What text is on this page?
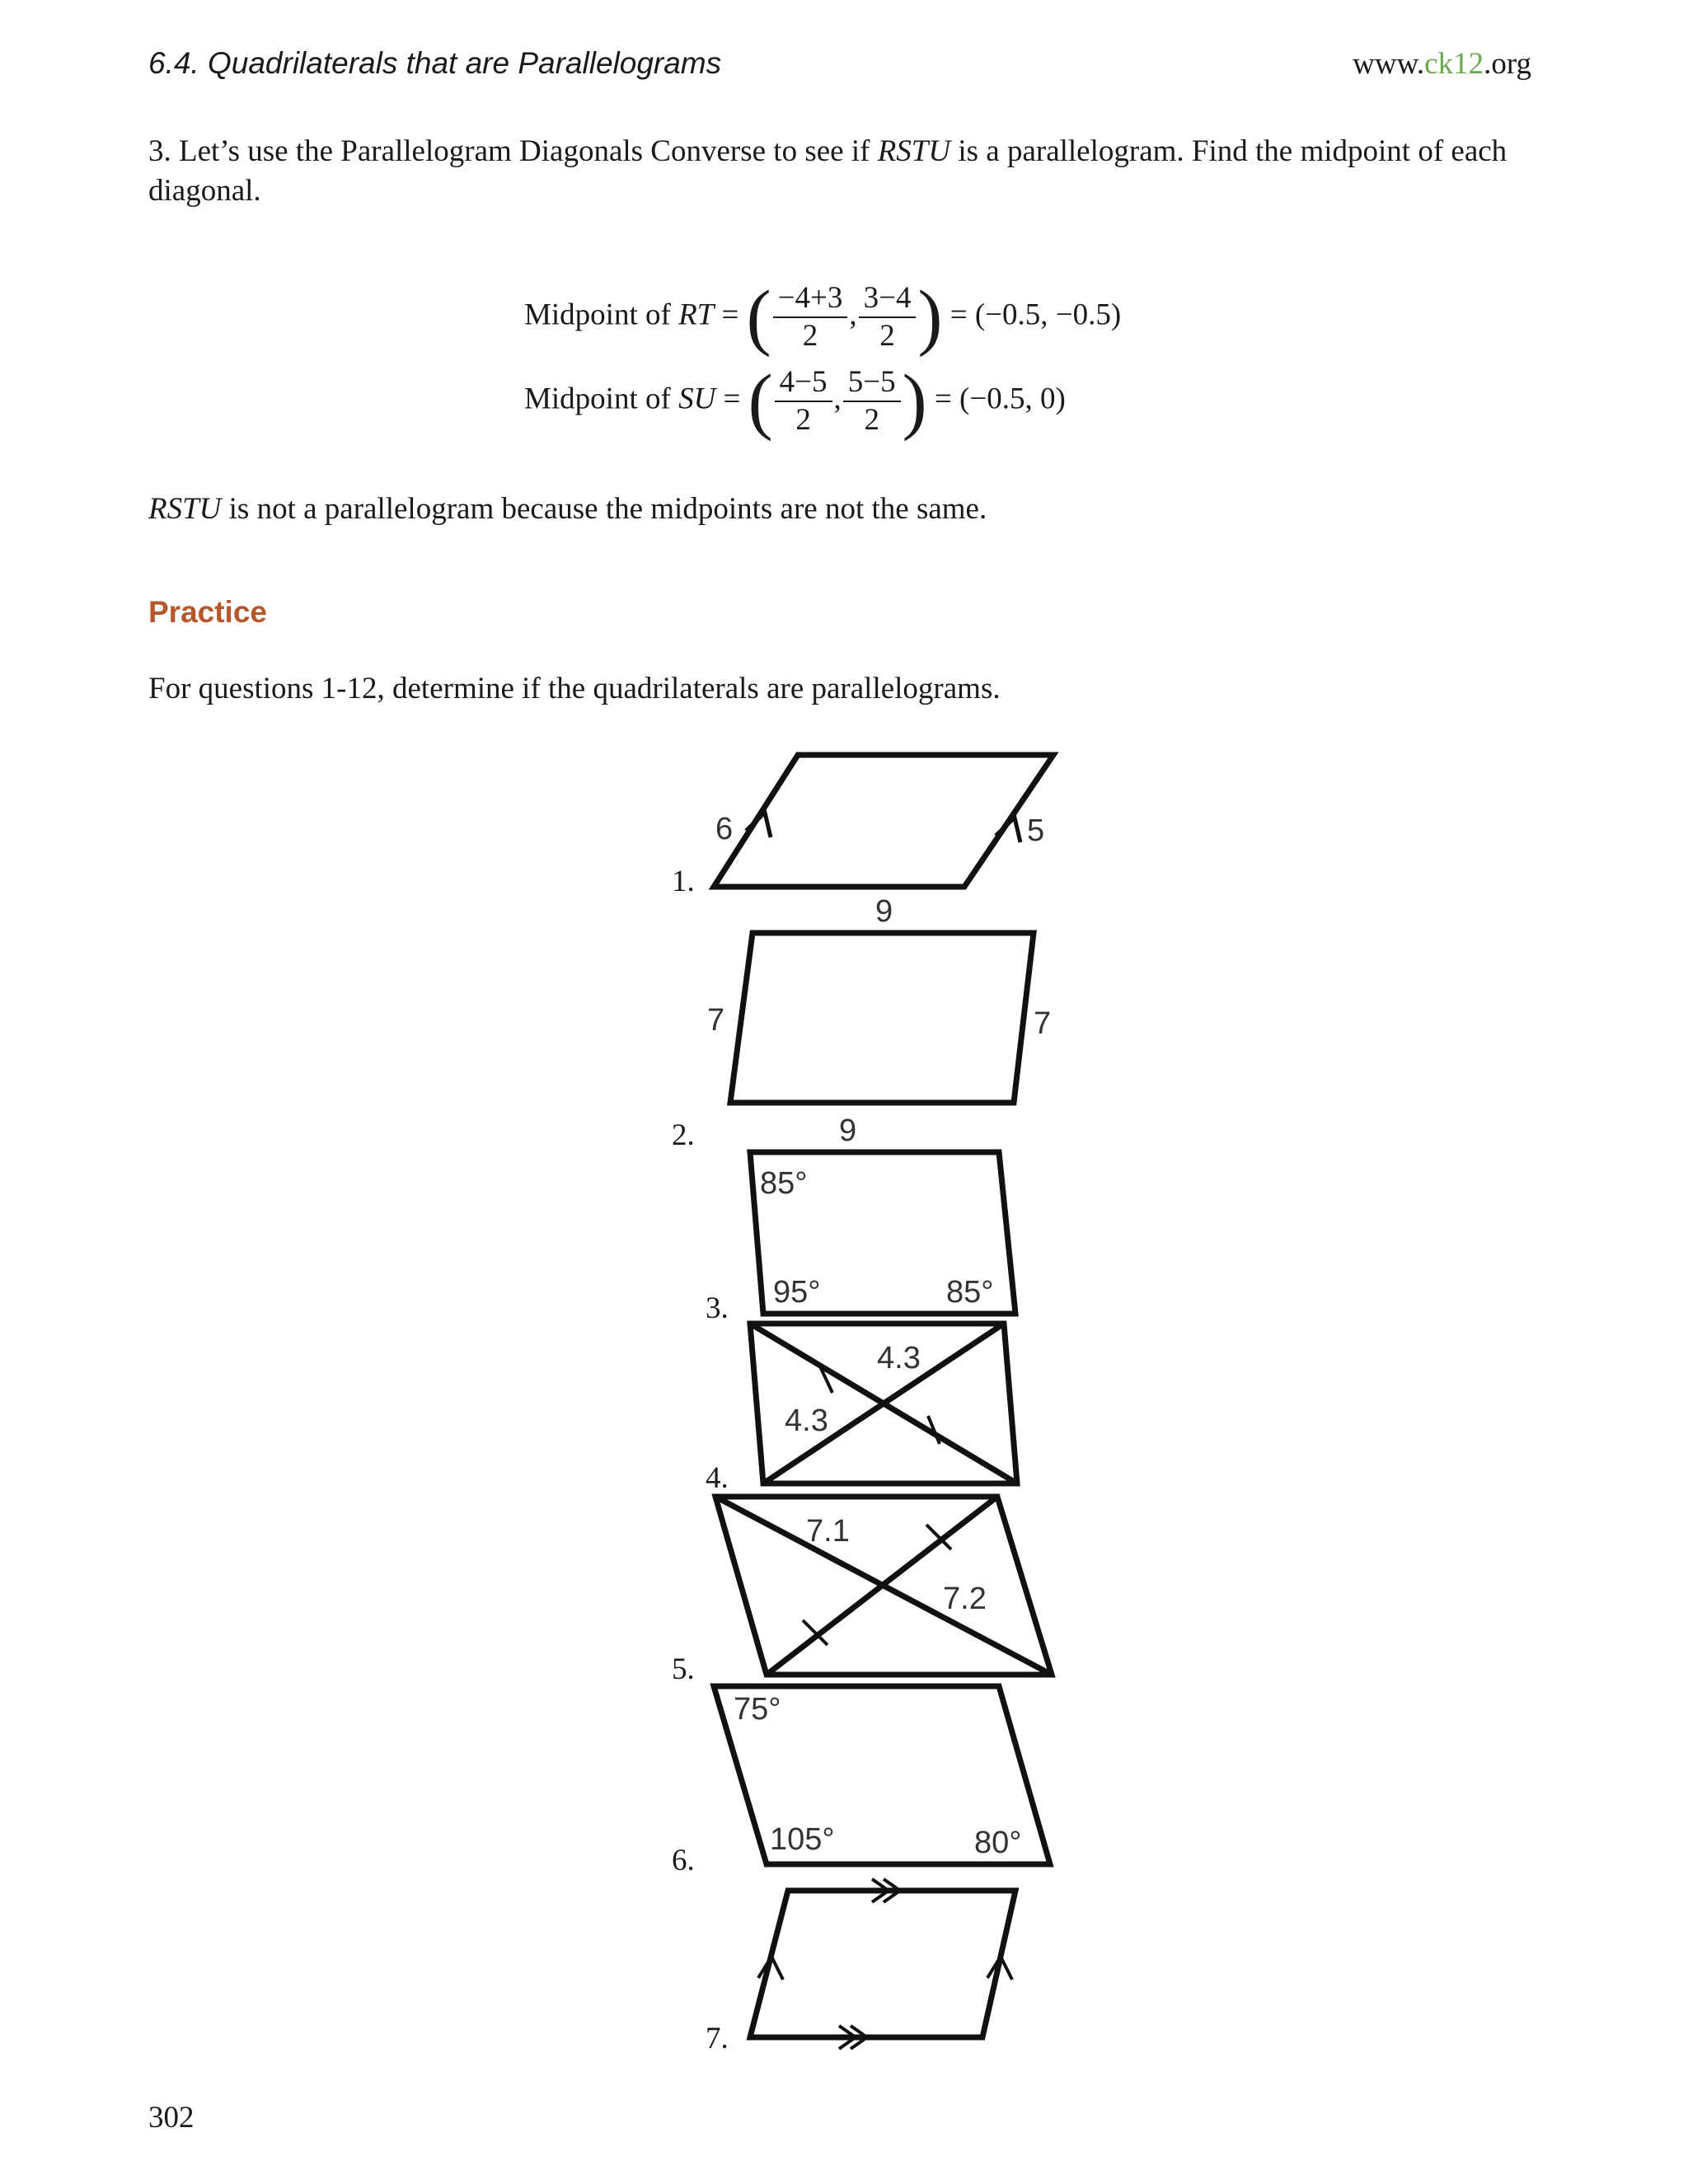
6.4. Quadrilaterals that are Parallelograms	www.ck12.org
3. Let’s use the Parallelogram Diagonals Converse to see if RSTU is a parallelogram. Find the midpoint of each diagonal.
Midpoint of RT = ( $\frac{-4+3}{2}$ , $\frac{3-4}{2}$ ) = (−0.5, −0.5)
Midpoint of SU = ( $\frac{4-5}{2}$ , $\frac{5-5}{2}$ ) = (−0.5, 0)
RSTU is not a parallelogram because the midpoints are not the same.
Practice
For questions 1-12, determine if the quadrilaterals are parallelograms.
1.
2.
3.
4.
5.
6.
7.
6	5
9
7	7
9
85°
95°	85°
4.3
4.3
7.1
7.2
75°
105°	80°
302
